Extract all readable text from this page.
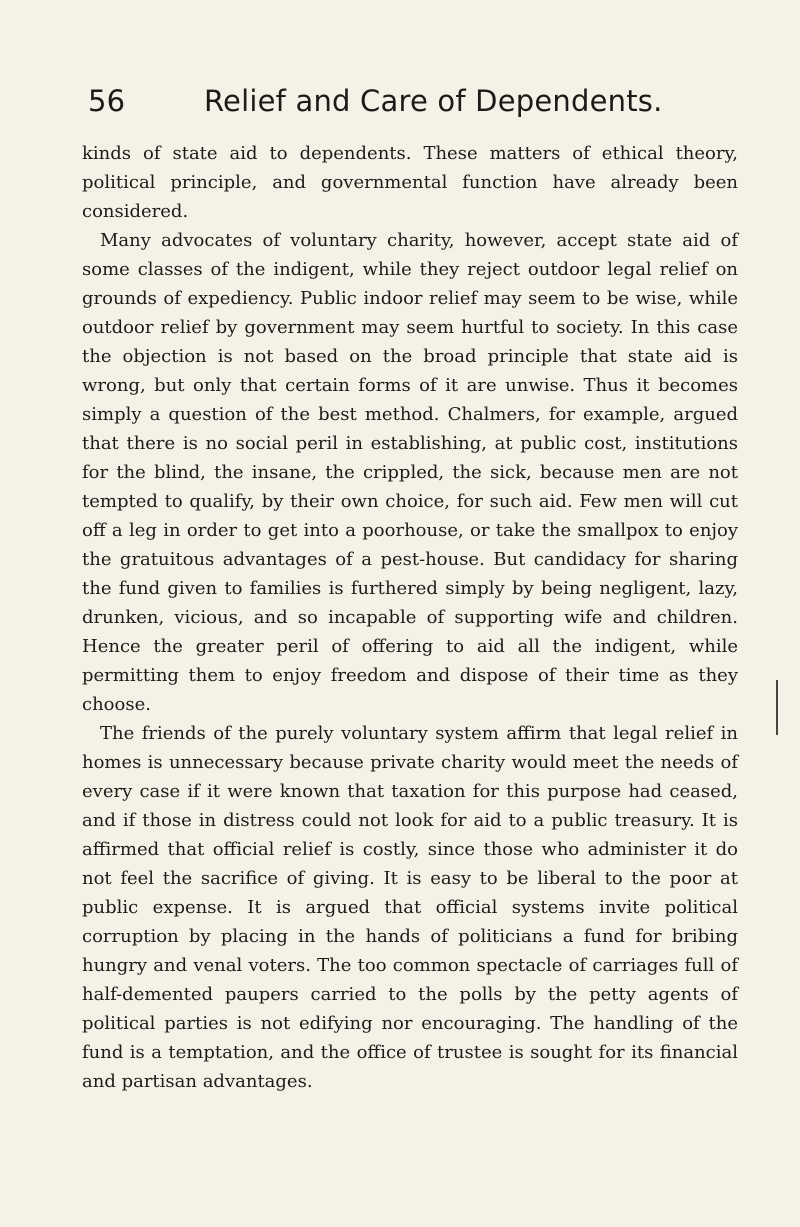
56	Relief and Care of Dependents.

kinds of state aid to dependents. These matters of ethical theory, political principle, and governmental function have already been considered.

Many advocates of voluntary charity, however, accept state aid of some classes of the indigent, while they reject outdoor legal relief on grounds of expediency. Public indoor relief may seem to be wise, while outdoor relief by government may seem hurtful to society. In this case the objection is not based on the broad principle that state aid is wrong, but only that certain forms of it are unwise. Thus it becomes simply a question of the best method. Chalmers, for example, argued that there is no social peril in establishing, at public cost, institutions for the blind, the insane, the crippled, the sick, because men are not tempted to qualify, by their own choice, for such aid. Few men will cut off a leg in order to get into a poorhouse, or take the smallpox to enjoy the gratuitous advantages of a pest-house. But candidacy for sharing the fund given to families is furthered simply by being negligent, lazy, drunken, vicious, and so incapable of supporting wife and children. Hence the greater peril of offering to aid all the indigent, while permitting them to enjoy freedom and dispose of their time as they choose.

The friends of the purely voluntary system affirm that legal relief in homes is unnecessary because private charity would meet the needs of every case if it were known that taxation for this purpose had ceased, and if those in distress could not look for aid to a public treasury. It is affirmed that official relief is costly, since those who administer it do not feel the sacrifice of giving. It is easy to be liberal to the poor at public expense. It is argued that official systems invite political corruption by placing in the hands of politicians a fund for bribing hungry and venal voters. The too common spectacle of carriages full of half-demented paupers carried to the polls by the petty agents of political parties is not edifying nor encouraging. The handling of the fund is a temptation, and the office of trustee is sought for its financial and partisan advantages.
